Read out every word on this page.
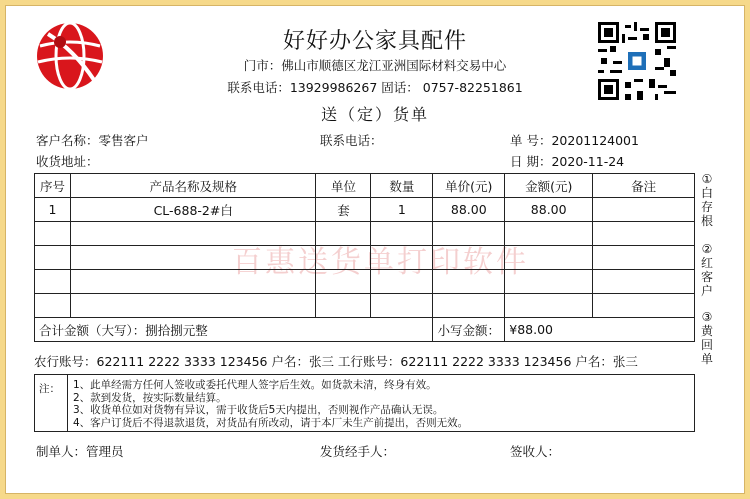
好好办公家具配件
门市：佛山市顺德区龙江亚洲国际材料交易中心
联系电话：13929986267 固话： 0757-82251861
送（定）货单
客户名称：零售客户	联系电话：	单 号：20201124001
收货地址：	日 期：2020-11-24
百惠送货单打印软件
序号	产品名称及规格	单位	数量	单价(元)	金额(元)	备注
1	CL-688-2#白	套	1	88.00	88.00	

合计金额（大写）：捌拾捌元整				小写金额：	¥88.00	
农行账号：622111 2222 3333 123456 户名：张三 工行账号：622111 2222 3333 123456 户名：张三
注： 1、此单经需方任何人签收或委托代理人签字后生效。如货款未清，终身有效。
2、款到发货，按实际数量结算。
3、收货单位如对货物有异议，需于收货后5天内提出，否则视作产品确认无误。
4、客户订货后不得退款退货，对货品有所改动，请于本厂未生产前提出，否则无效。
①
白
存
根
②
红
客
户
③
黄
回
单
制单人：管理员	发货经手人：	签收人：
